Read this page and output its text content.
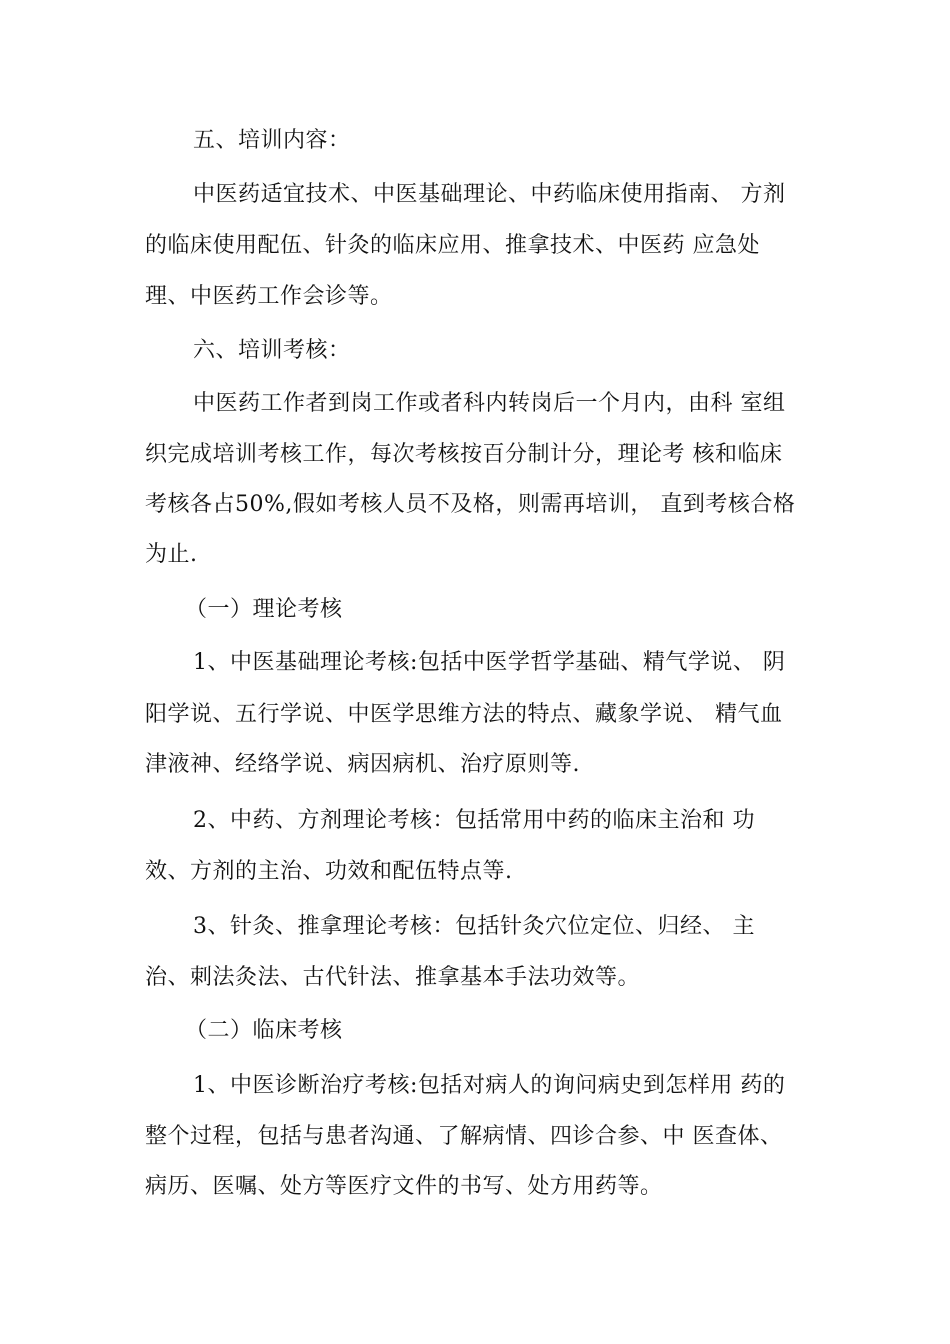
五、培训内容：
中医药适宜技术、中医基础理论、中药临床使用指南、 方剂
的临床使用配伍、针灸的临床应用、推拿技术、中医药 应急处
理、中医药工作会诊等。
六、培训考核：
中医药工作者到岗工作或者科内转岗后一个月内，由科 室组
织完成培训考核工作，每次考核按百分制计分，理论考 核和临床
考核各占50%,假如考核人员不及格，则需再培训， 直到考核合格
为止.
（一）理论考核
1、中医基础理论考核:包括中医学哲学基础、精气学说、 阴
阳学说、五行学说、中医学思维方法的特点、藏象学说、 精气血
津液神、经络学说、病因病机、治疗原则等.
2、中药、方剂理论考核：包括常用中药的临床主治和 功
效、方剂的主治、功效和配伍特点等.
3、针灸、推拿理论考核：包括针灸穴位定位、归经、 主
治、刺法灸法、古代针法、推拿基本手法功效等。
（二）临床考核
1、中医诊断治疗考核:包括对病人的询问病史到怎样用 药的
整个过程，包括与患者沟通、了解病情、四诊合参、中 医查体、
病历、医嘱、处方等医疗文件的书写、处方用药等。
